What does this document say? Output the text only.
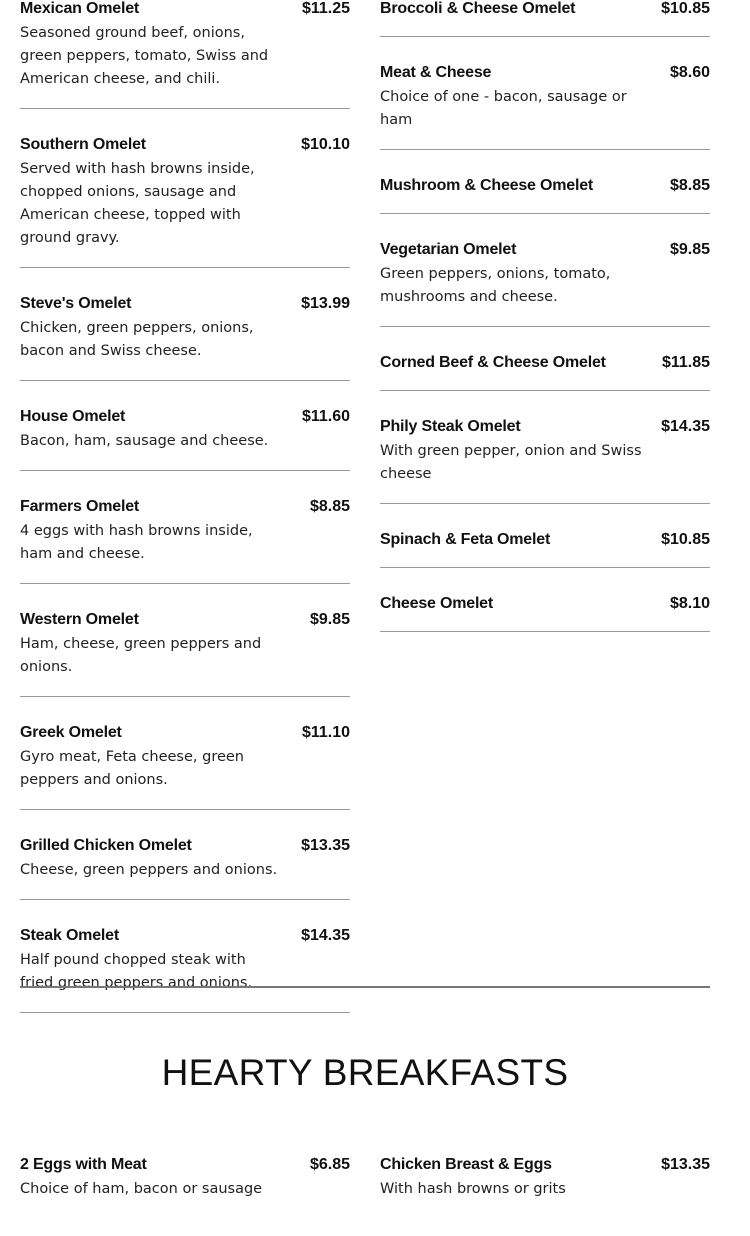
Mexican Omelet	$11.25
Seasoned ground beef, onions, green peppers, tomato, Swiss and American cheese, and chili.
Southern Omelet	$10.10
Served with hash browns inside, chopped onions, sausage and American cheese, topped with ground gravy.
Steve's Omelet	$13.99
Chicken, green peppers, onions, bacon and Swiss cheese.
House Omelet	$11.60
Bacon, ham, sausage and cheese.
Farmers Omelet	$8.85
4 eggs with hash browns inside, ham and cheese.
Western Omelet	$9.85
Ham, cheese, green peppers and onions.
Greek Omelet	$11.10
Gyro meat, Feta cheese, green peppers and onions.
Grilled Chicken Omelet	$13.35
Cheese, green peppers and onions.
Steak Omelet	$14.35
Half pound chopped steak with fried green peppers and onions.
Broccoli & Cheese Omelet	$10.85
Meat & Cheese	$8.60
Choice of one - bacon, sausage or ham
Mushroom & Cheese Omelet	$8.85
Vegetarian Omelet	$9.85
Green peppers, onions, tomato, mushrooms and cheese.
Corned Beef & Cheese Omelet	$11.85
Phily Steak Omelet	$14.35
With green pepper, onion and Swiss cheese
Spinach & Feta Omelet	$10.85
Cheese Omelet	$8.10
HEARTY BREAKFASTS
2 Eggs with Meat	$6.85
Choice of ham, bacon or sausage
Chicken Breast & Eggs	$13.35
With hash browns or grits
